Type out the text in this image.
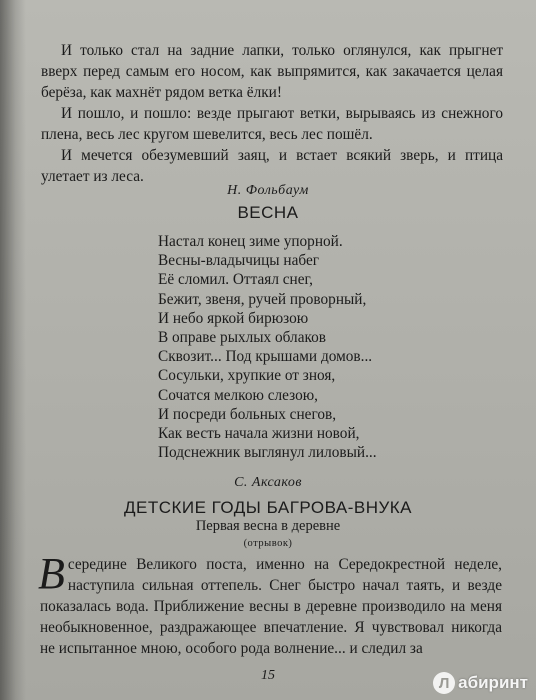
И только стал на задние лапки, только оглянулся, как прыгнет вверх перед самым его носом, как выпрямится, как закачается целая берёза, как махнёт рядом ветка ёлки!

И пошло, и пошло: везде прыгают ветки, вырываясь из снежного плена, весь лес кругом шевелится, весь лес пошёл.

И мечется обезумевший заяц, и встает всякий зверь, и птица улетает из леса.

Н. Фольбаум
ВЕСНА
Настал конец зиме упорной.
Весны-владычицы набег
Её сломил. Оттаял снег,
Бежит, звеня, ручей проворный,
И небо яркой бирюзою
В оправе рыхлых облаков
Сквозит... Под крышами домов...
Сосульки, хрупкие от зноя,
Сочатся мелкою слезою,
И посреди больных снегов,
Как весть начала жизни новой,
Подснежник выглянул лиловый...
С. Аксаков
ДЕТСКИЕ ГОДЫ БАГРОВА-ВНУКА
Первая весна в деревне
(отрывок)

В середине Великого поста, именно на Середокрестной неделе, наступила сильная оттепель. Снег быстро начал таять, и везде показалась вода. Приближение весны в деревне производило на меня необыкновенное, раздражающее впечатление. Я чувствовал никогда не испытанное мною, особого рода волнение... и следил за

15	Л абиринт
